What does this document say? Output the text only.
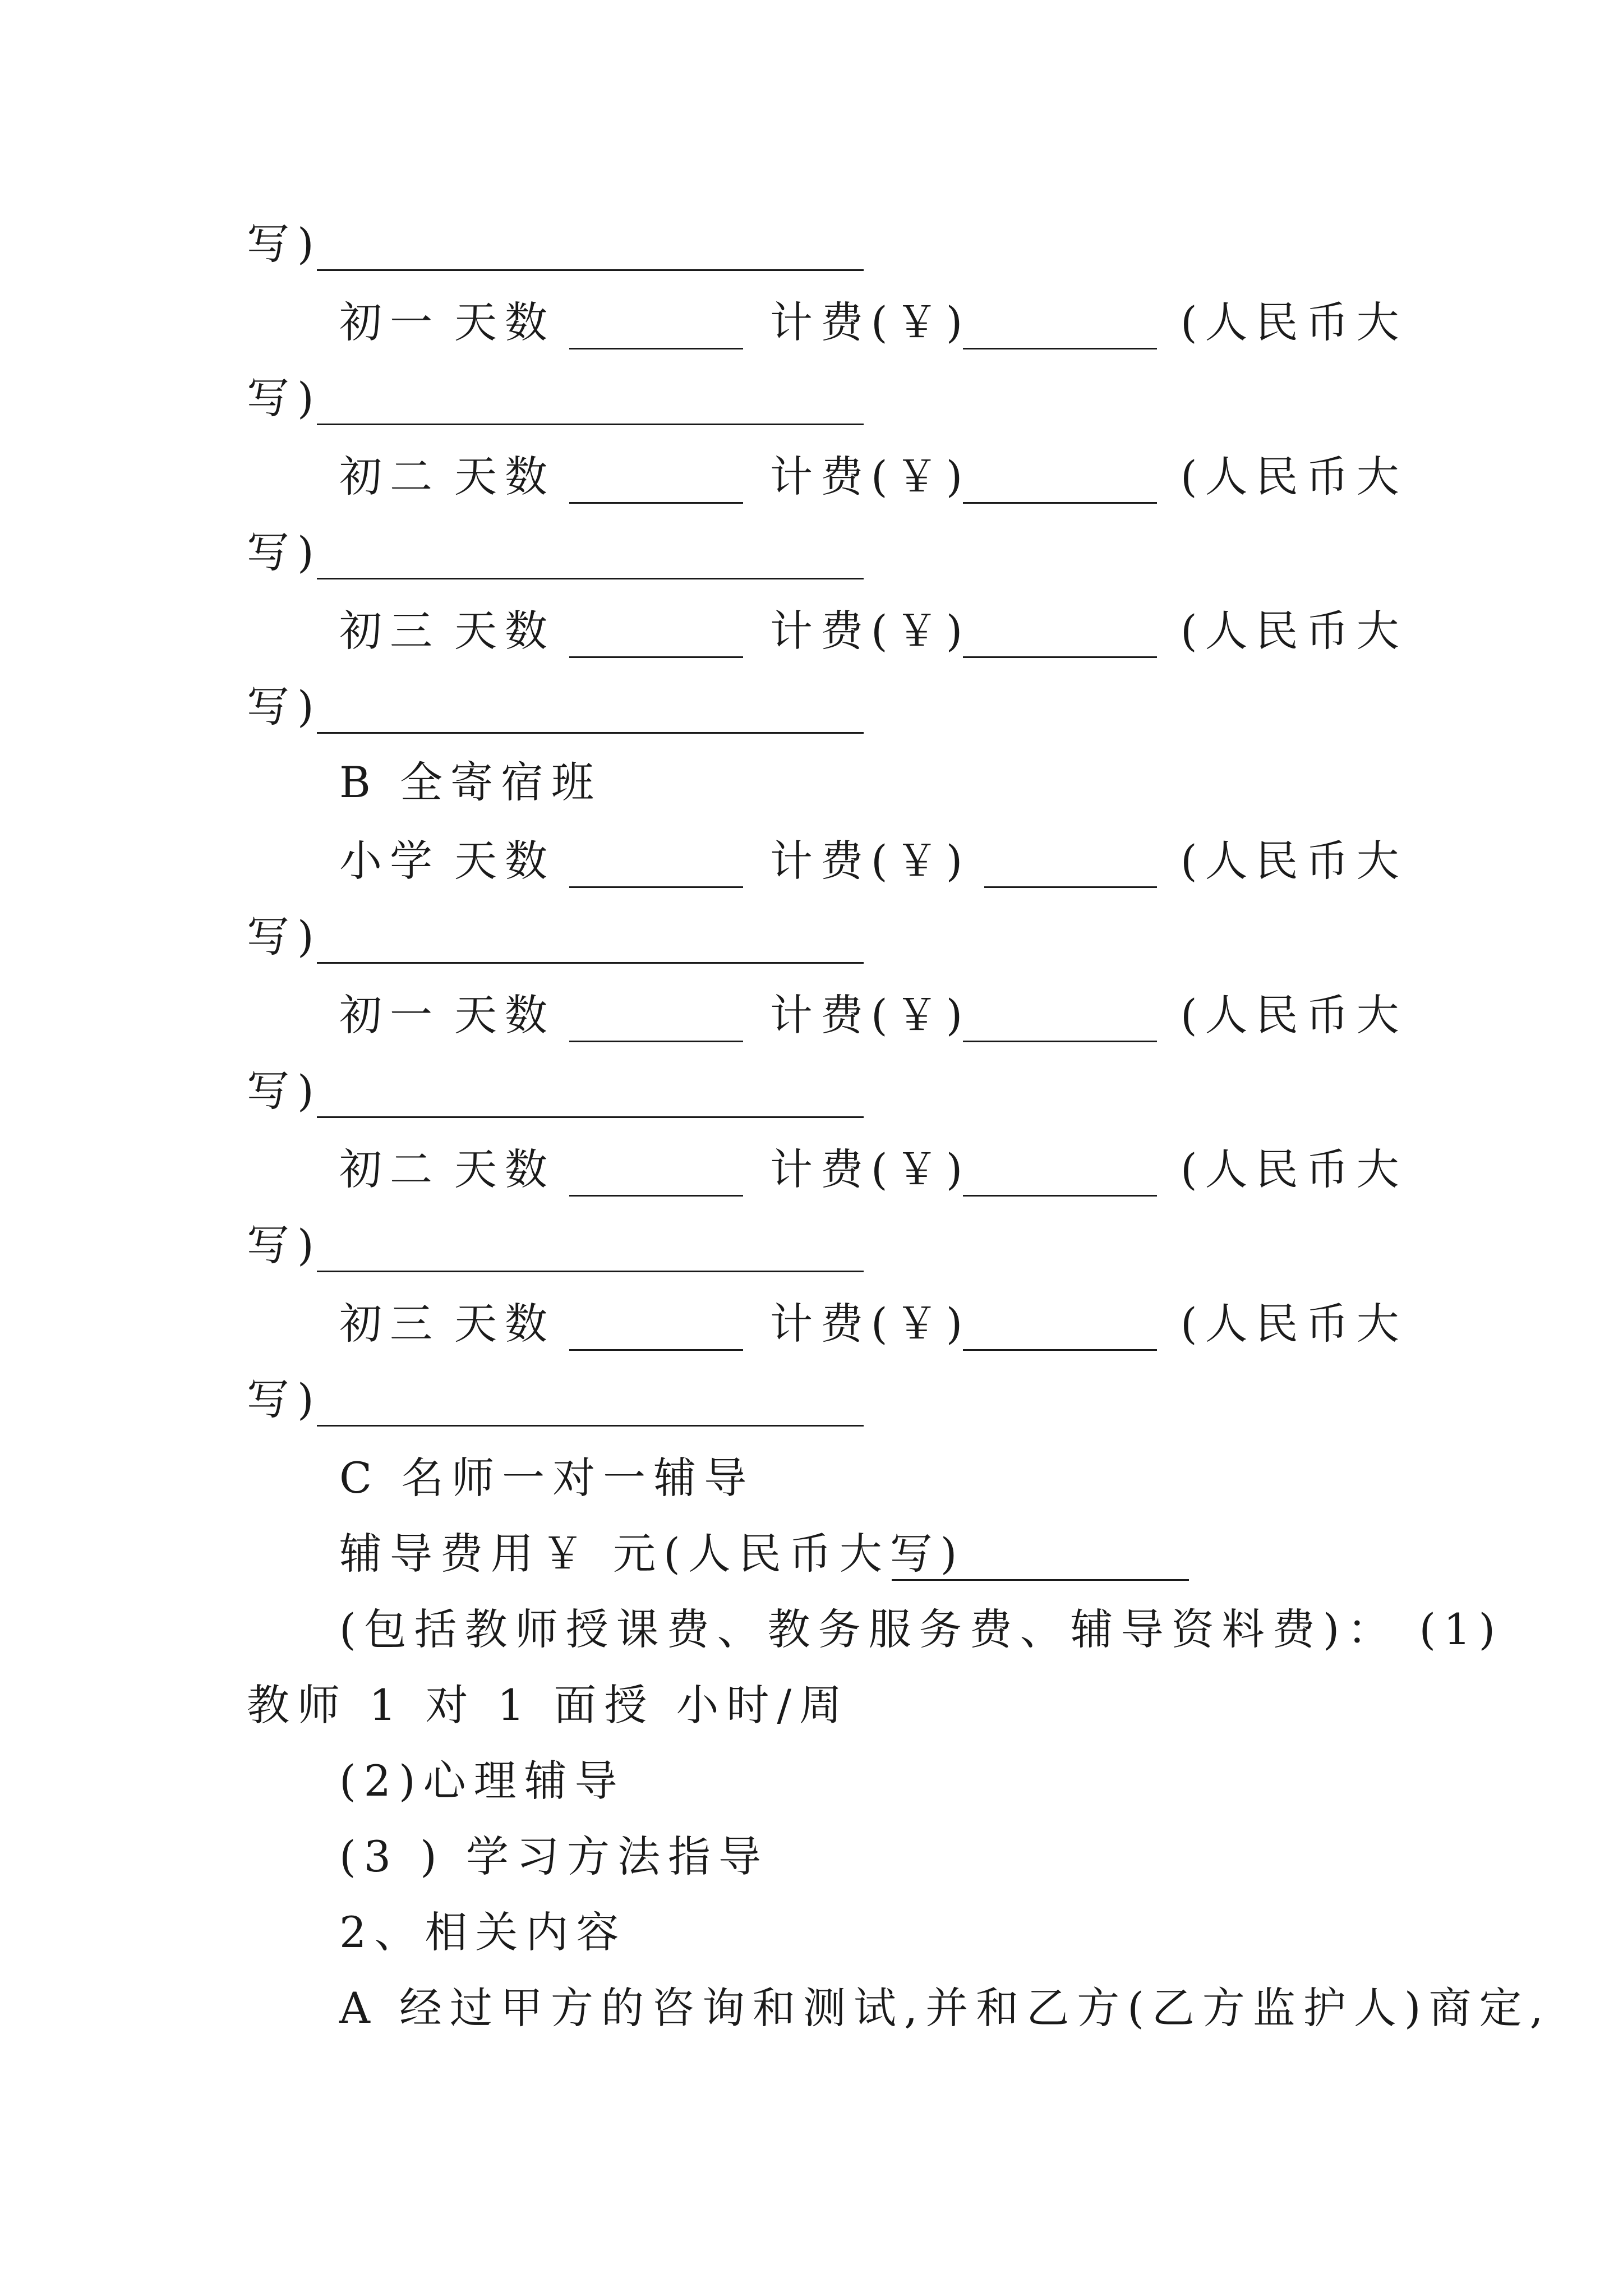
写)
初一 天数	计费(￥)	(人民币大
写)
初二 天数	计费(￥)	(人民币大
写)
初三 天数	计费(￥)	(人民币大
写)
B 全寄宿班
小学 天数	计费(￥)	(人民币大
写)
初一 天数	计费(￥)	(人民币大
写)
初二 天数	计费(￥)	(人民币大
写)
初三 天数	计费(￥)	(人民币大
写)
C 名师一对一辅导
辅导费用￥ 元(人民币大写)
(包括教师授课费、教务服务费、辅导资料费)： (1)
教师 1 对 1 面授 小时/周
(2)心理辅导
(3 ) 学习方法指导
2、相关内容
A 经过甲方的咨询和测试,并和乙方(乙方监护人)商定,
